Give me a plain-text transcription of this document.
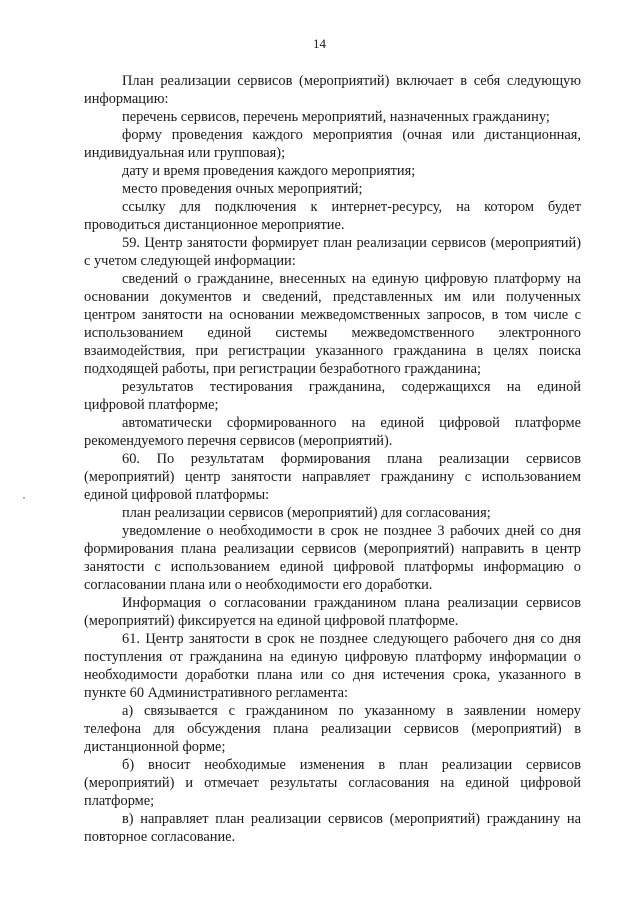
14

План реализации сервисов (мероприятий) включает в себя следующую информацию:

перечень сервисов, перечень мероприятий, назначенных гражданину;

форму проведения каждого мероприятия (очная или дистанционная, индивидуальная или групповая);

дату и время проведения каждого мероприятия;

место проведения очных мероприятий;

ссылку для подключения к интернет-ресурсу, на котором будет проводиться дистанционное мероприятие.

59. Центр занятости формирует план реализации сервисов (мероприятий) с учетом следующей информации:

сведений о гражданине, внесенных на единую цифровую платформу на основании документов и сведений, представленных им или полученных центром занятости на основании межведомственных запросов, в том числе с использованием единой системы межведомственного электронного взаимодействия, при регистрации указанного гражданина в целях поиска подходящей работы, при регистрации безработного гражданина;

результатов тестирования гражданина, содержащихся на единой цифровой платформе;

автоматически сформированного на единой цифровой платформе рекомендуемого перечня сервисов (мероприятий).

60. По результатам формирования плана реализации сервисов (мероприятий) центр занятости направляет гражданину с использованием единой цифровой платформы:

план реализации сервисов (мероприятий) для согласования;

уведомление о необходимости в срок не позднее 3 рабочих дней со дня формирования плана реализации сервисов (мероприятий) направить в центр занятости с использованием единой цифровой платформы информацию о согласовании плана или о необходимости его доработки.

Информация о согласовании гражданином плана реализации сервисов (мероприятий) фиксируется на единой цифровой платформе.

61. Центр занятости в срок не позднее следующего рабочего дня со дня поступления от гражданина на единую цифровую платформу информации о необходимости доработки плана или со дня истечения срока, указанного в пункте 60 Административного регламента:

а) связывается с гражданином по указанному в заявлении номеру телефона для обсуждения плана реализации сервисов (мероприятий) в дистанционной форме;

б) вносит необходимые изменения в план реализации сервисов (мероприятий) и отмечает результаты согласования на единой цифровой платформе;

в) направляет план реализации сервисов (мероприятий) гражданину на повторное согласование.
